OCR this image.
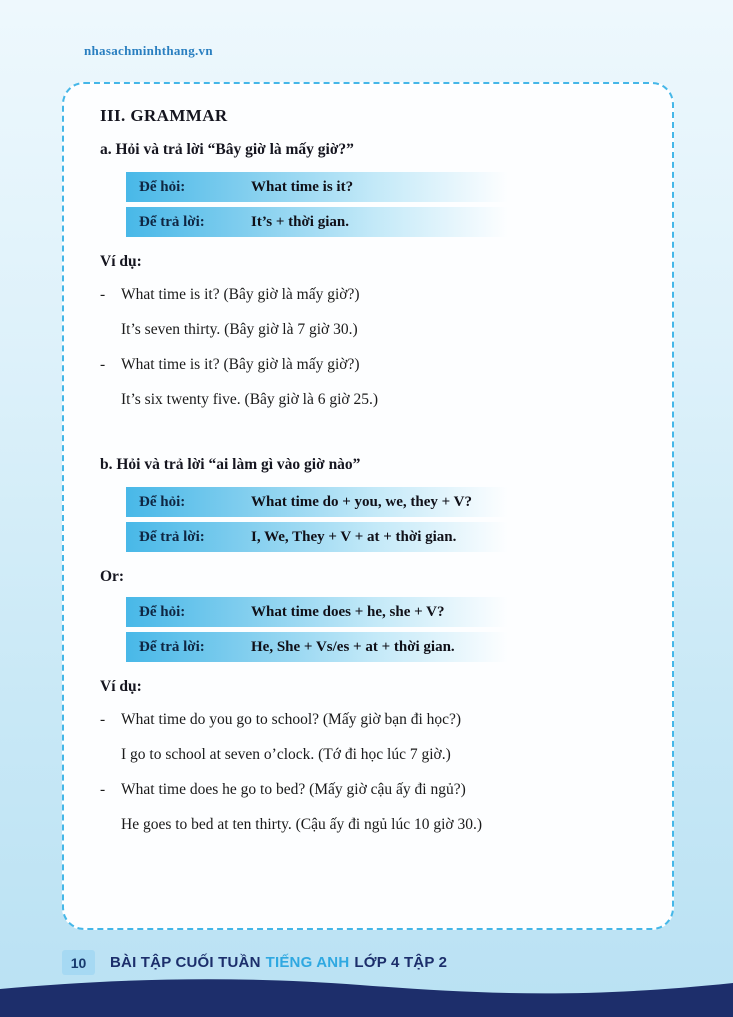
nhasachminhthang.vn
III. GRAMMAR
a. Hỏi và trả lời “Bây giờ là mấy giờ?”
Để hỏi:	What time is it?
Để trả lời:	It’s + thời gian.
Ví dụ:
-	What time is it? (Bây giờ là mấy giờ?)
It’s seven thirty. (Bây giờ là 7 giờ 30.)
-	What time is it? (Bây giờ là mấy giờ?)
It’s six twenty five. (Bây giờ là 6 giờ 25.)
b. Hỏi và trả lời “ai làm gì vào giờ nào”
Để hỏi:	What time do + you, we, they + V?
Để trả lời:	I, We, They + V + at + thời gian.
Or:
Để hỏi:	What time does + he, she + V?
Để trả lời:	He, She + Vs/es + at + thời gian.
Ví dụ:
-	What time do you go to school? (Mấy giờ bạn đi học?)
I go to school at seven o’clock. (Tớ đi học lúc 7 giờ.)
-	What time does he go to bed? (Mấy giờ cậu ấy đi ngủ?)
He goes to bed at ten thirty. (Cậu ấy đi ngủ lúc 10 giờ 30.)
10	BÀI TẬP CUỐI TUẦN TIẾNG ANH LỚP 4 TẬP 2
